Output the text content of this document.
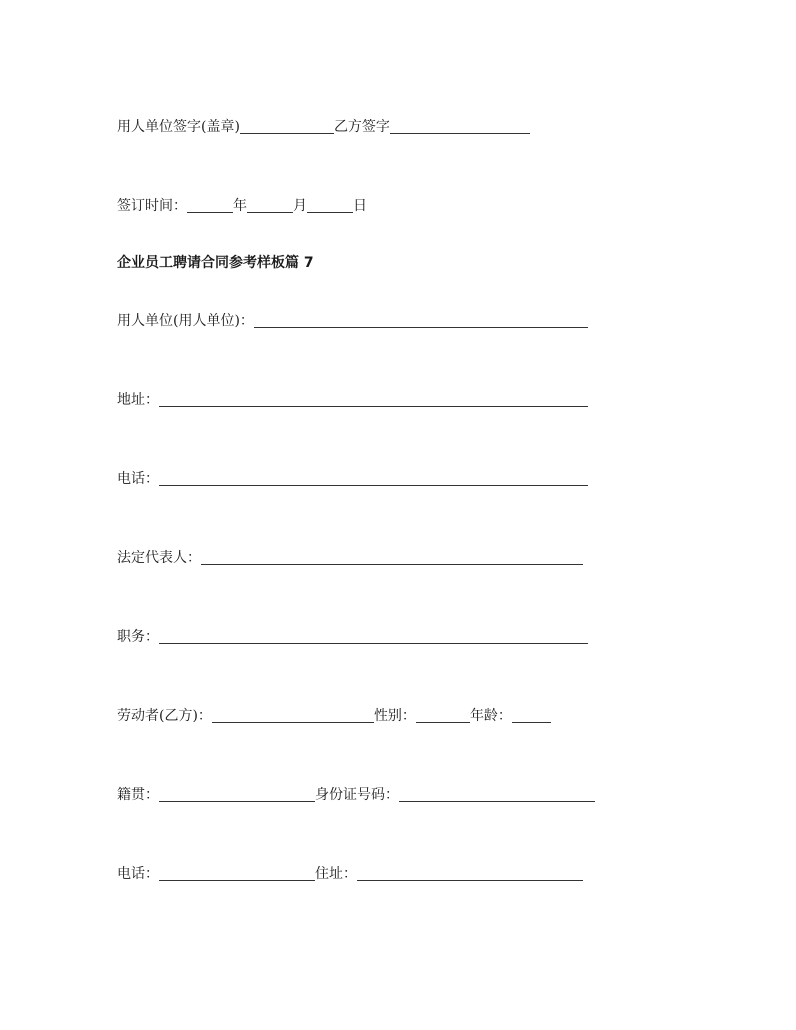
用人单位签字(盖章)	乙方签字
签订时间：	年	月	日
企业员工聘请合同参考样板篇 7
用人单位(用人单位)：
地址：
电话：
法定代表人：
职务：
劳动者(乙方)：	性别：	年龄：
籍贯：	身份证号码：
电话：	住址：
